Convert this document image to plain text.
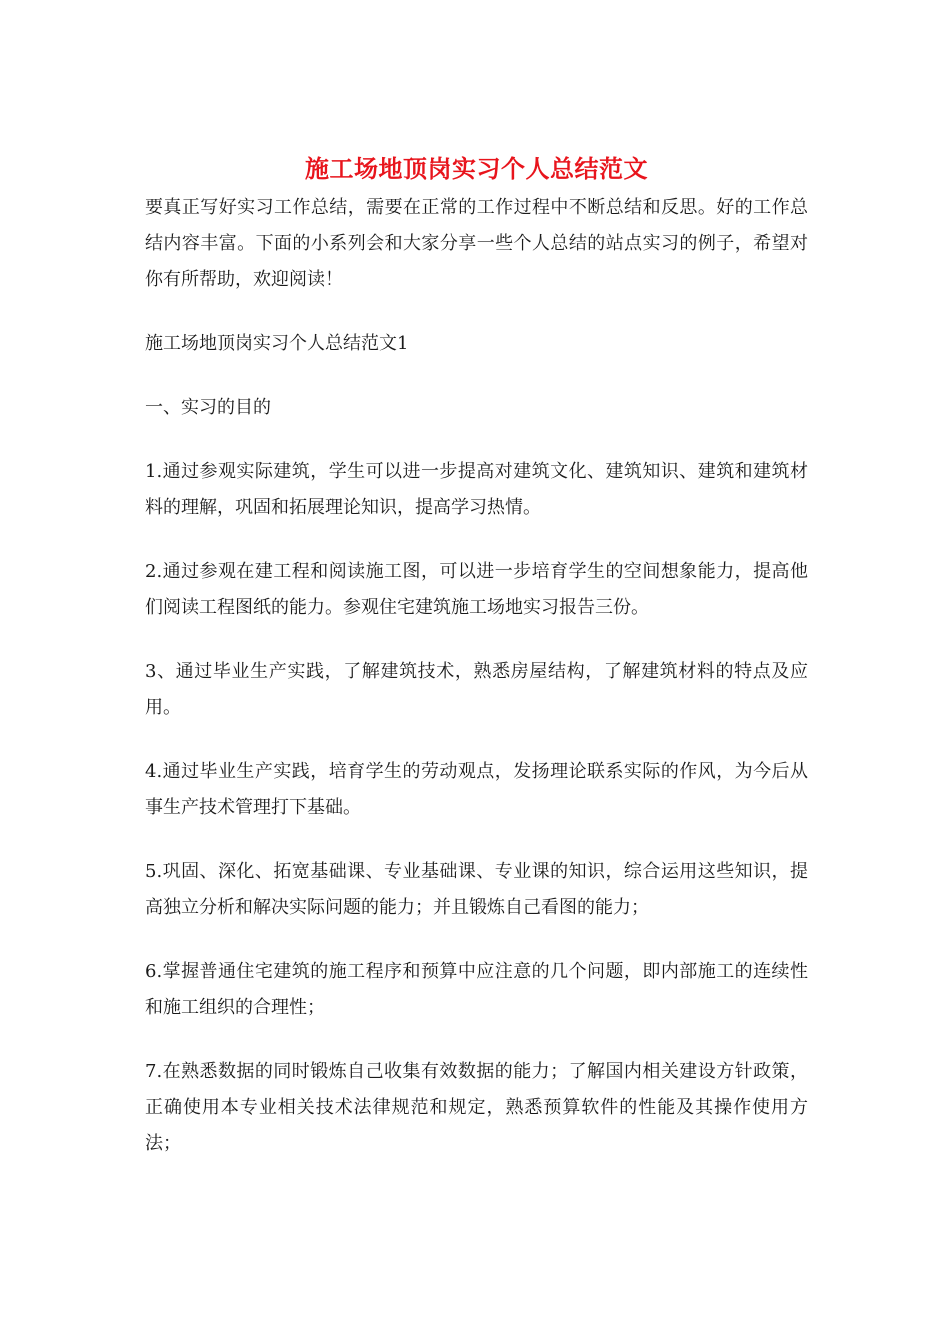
施工场地顶岗实习个人总结范文

要真正写好实习工作总结，需要在正常的工作过程中不断总结和反思。好的工作总结内容丰富。下面的小系列会和大家分享一些个人总结的站点实习的例子，希望对你有所帮助，欢迎阅读！

施工场地顶岗实习个人总结范文1

一、实习的目的

1.通过参观实际建筑，学生可以进一步提高对建筑文化、建筑知识、建筑和建筑材料的理解，巩固和拓展理论知识，提高学习热情。

2.通过参观在建工程和阅读施工图，可以进一步培育学生的空间想象能力，提高他们阅读工程图纸的能力。参观住宅建筑施工场地实习报告三份。

3、通过毕业生产实践，了解建筑技术，熟悉房屋结构，了解建筑材料的特点及应用。

4.通过毕业生产实践，培育学生的劳动观点，发扬理论联系实际的作风，为今后从事生产技术管理打下基础。

5.巩固、深化、拓宽基础课、专业基础课、专业课的知识，综合运用这些知识，提高独立分析和解决实际问题的能力；并且锻炼自己看图的能力；

6.掌握普通住宅建筑的施工程序和预算中应注意的几个问题，即内部施工的连续性和施工组织的合理性；

7.在熟悉数据的同时锻炼自己收集有效数据的能力；了解国内相关建设方针政策，正确使用本专业相关技术法律规范和规定，熟悉预算软件的性能及其操作使用方法；
